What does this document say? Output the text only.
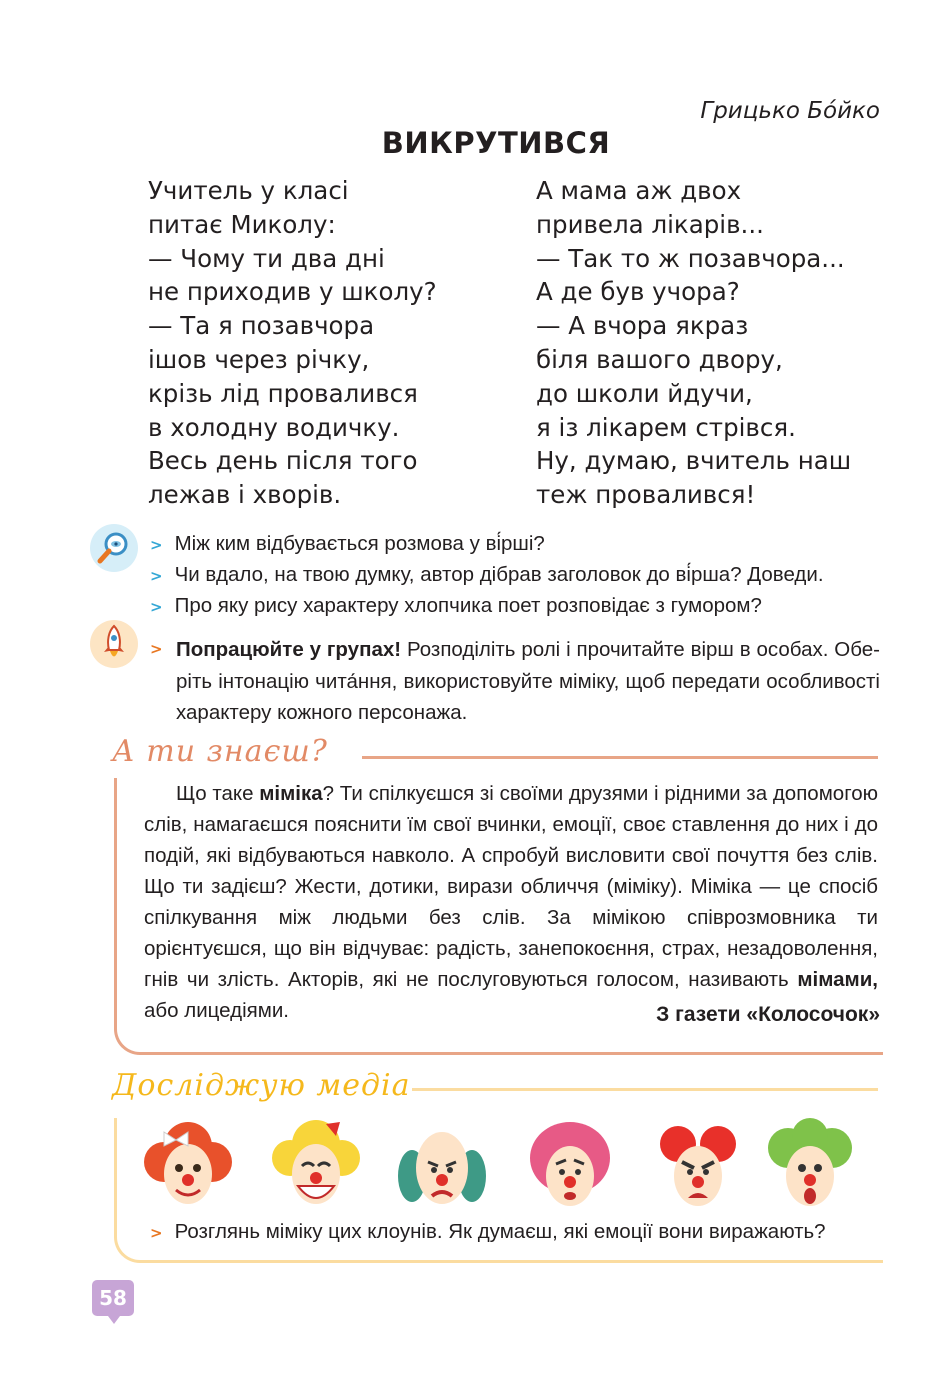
Грицько Бо́йко
ВИКРУТИВСЯ
Учитель у класі
питає Миколу:
— Чому ти два дні
не приходив у школу?
— Та я позавчора
ішов через річку,
крізь лід провалився
в холодну водичку.
Весь день після того
лежав і хворів.
А мама аж двох
привела лікарів...
— Так то ж позавчора...
А де був учора?
— А вчора якраз
біля вашого двору,
до школи йдучи,
я із лікарем стрівся.
Ну, думаю, вчитель наш
теж провалився!
> Між ким відбувається розмова у ві́рші?
> Чи вдало, на твою думку, автор дібрав заголовок до ві́рша? Доведи.
> Про яку рису характеру хлопчика поет розповідає з гумором?
> Попрацюйте у групах! Розподіліть ролі і прочитайте вірш в особах. Оберіть інтонацію чита́ння, використовуйте міміку, щоб передати особливості характеру кожного персонажа.
А ти знаєш?
Що таке міміка? Ти спілкуєшся зі своїми друзями і рідними за допомогою слів, намагаєшся пояснити їм свої вчинки, емоції, своє ставлення до них і до подій, які відбуваються навколо. А спробуй висловити свої почуття без слів. Що ти задієш? Жести, дотики, вирази обличчя (міміку). Міміка — це спосіб спілкування між людьми без слів. За мімікою співрозмовника ти орієнтуєшся, що він відчуває: радість, занепокоєння, страх, незадоволення, гнів чи злість. Акторів, які не послуговуються голосом, називають мімами, або лицедіями.	З газети «Колосочок»
Досліджую медіа
> Розглянь міміку цих клоунів. Як думаєш, які емоції вони виражають?
58
